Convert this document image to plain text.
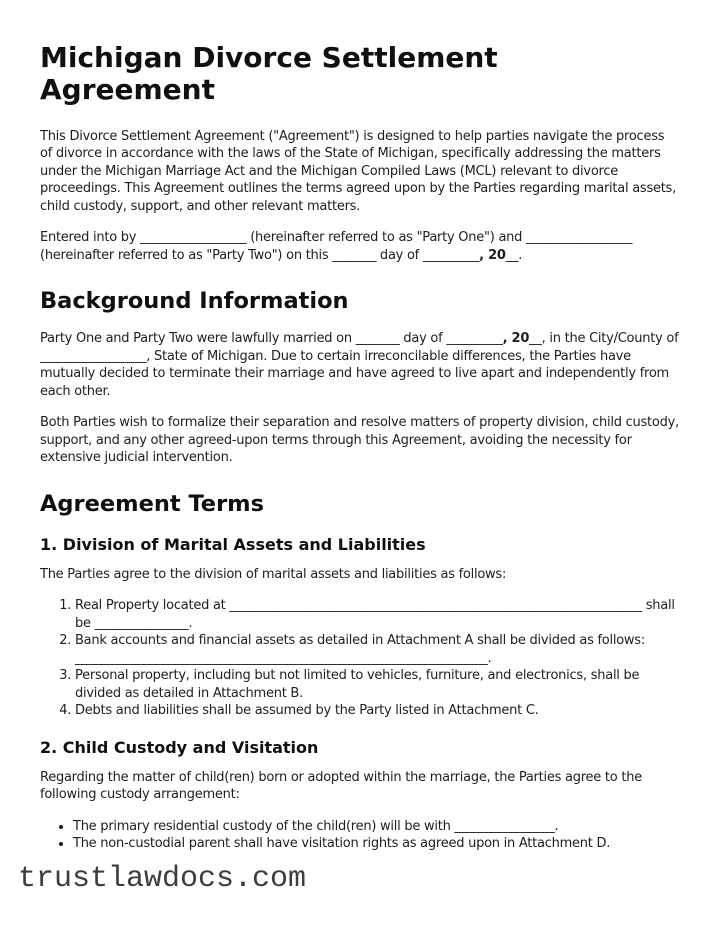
Michigan Divorce Settlement Agreement

This Divorce Settlement Agreement ("Agreement") is designed to help parties navigate the process of divorce in accordance with the laws of the State of Michigan, specifically addressing the matters under the Michigan Marriage Act and the Michigan Compiled Laws (MCL) relevant to divorce proceedings. This Agreement outlines the terms agreed upon by the Parties regarding marital assets, child custody, support, and other relevant matters.

Entered into by _________________ (hereinafter referred to as "Party One") and _________________ (hereinafter referred to as "Party Two") on this _______ day of _________, 20__.

Background Information

Party One and Party Two were lawfully married on _______ day of _________, 20__, in the City/County of _________________, State of Michigan. Due to certain irreconcilable differences, the Parties have mutually decided to terminate their marriage and have agreed to live apart and independently from each other.

Both Parties wish to formalize their separation and resolve matters of property division, child custody, support, and any other agreed-upon terms through this Agreement, avoiding the necessity for extensive judicial intervention.

Agreement Terms
1. Division of Marital Assets and Liabilities

The Parties agree to the division of marital assets and liabilities as follows:

1. Real Property located at __________________________________________________________________ shall be _______________.
2. Bank accounts and financial assets as detailed in Attachment A shall be divided as follows: __________________________________________________________________.
3. Personal property, including but not limited to vehicles, furniture, and electronics, shall be divided as detailed in Attachment B.
4. Debts and liabilities shall be assumed by the Party listed in Attachment C.
2. Child Custody and Visitation

Regarding the matter of child(ren) born or adopted within the marriage, the Parties agree to the following custody arrangement:

• The primary residential custody of the child(ren) will be with ________________.
• The non-custodial parent shall have visitation rights as agreed upon in Attachment D.
trustlawdocs.com
